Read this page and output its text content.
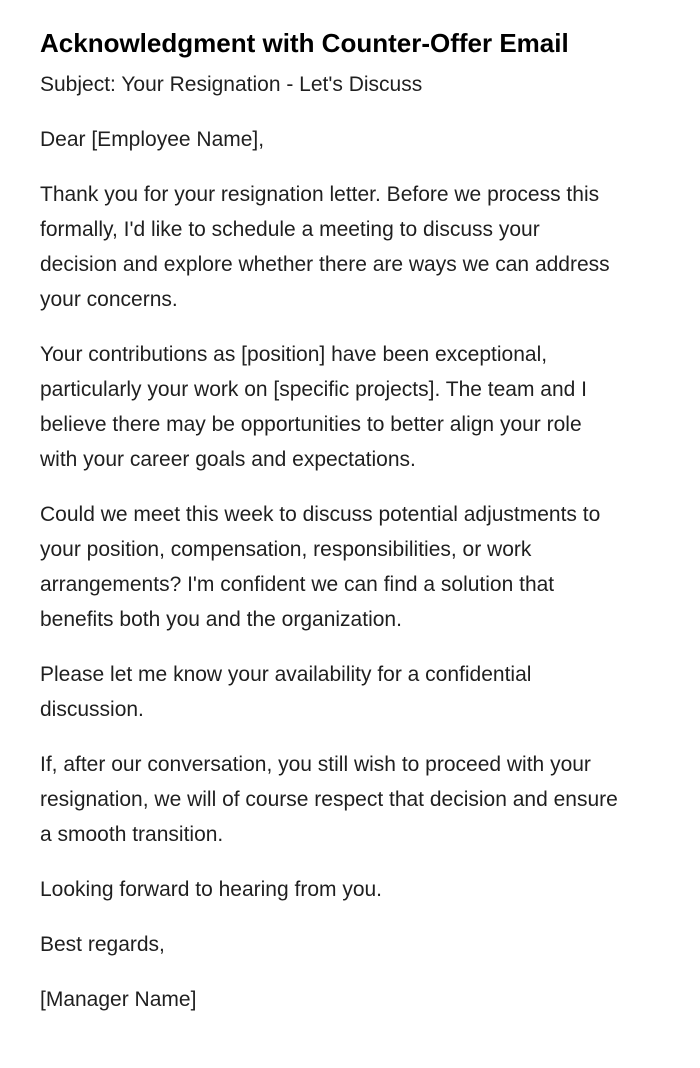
Acknowledgment with Counter-Offer Email

Subject: Your Resignation - Let's Discuss

Dear [Employee Name],

Thank you for your resignation letter. Before we process this formally, I'd like to schedule a meeting to discuss your decision and explore whether there are ways we can address your concerns.

Your contributions as [position] have been exceptional, particularly your work on [specific projects]. The team and I believe there may be opportunities to better align your role with your career goals and expectations.

Could we meet this week to discuss potential adjustments to your position, compensation, responsibilities, or work arrangements? I'm confident we can find a solution that benefits both you and the organization.

Please let me know your availability for a confidential discussion.

If, after our conversation, you still wish to proceed with your resignation, we will of course respect that decision and ensure a smooth transition.

Looking forward to hearing from you.

Best regards,

[Manager Name]
